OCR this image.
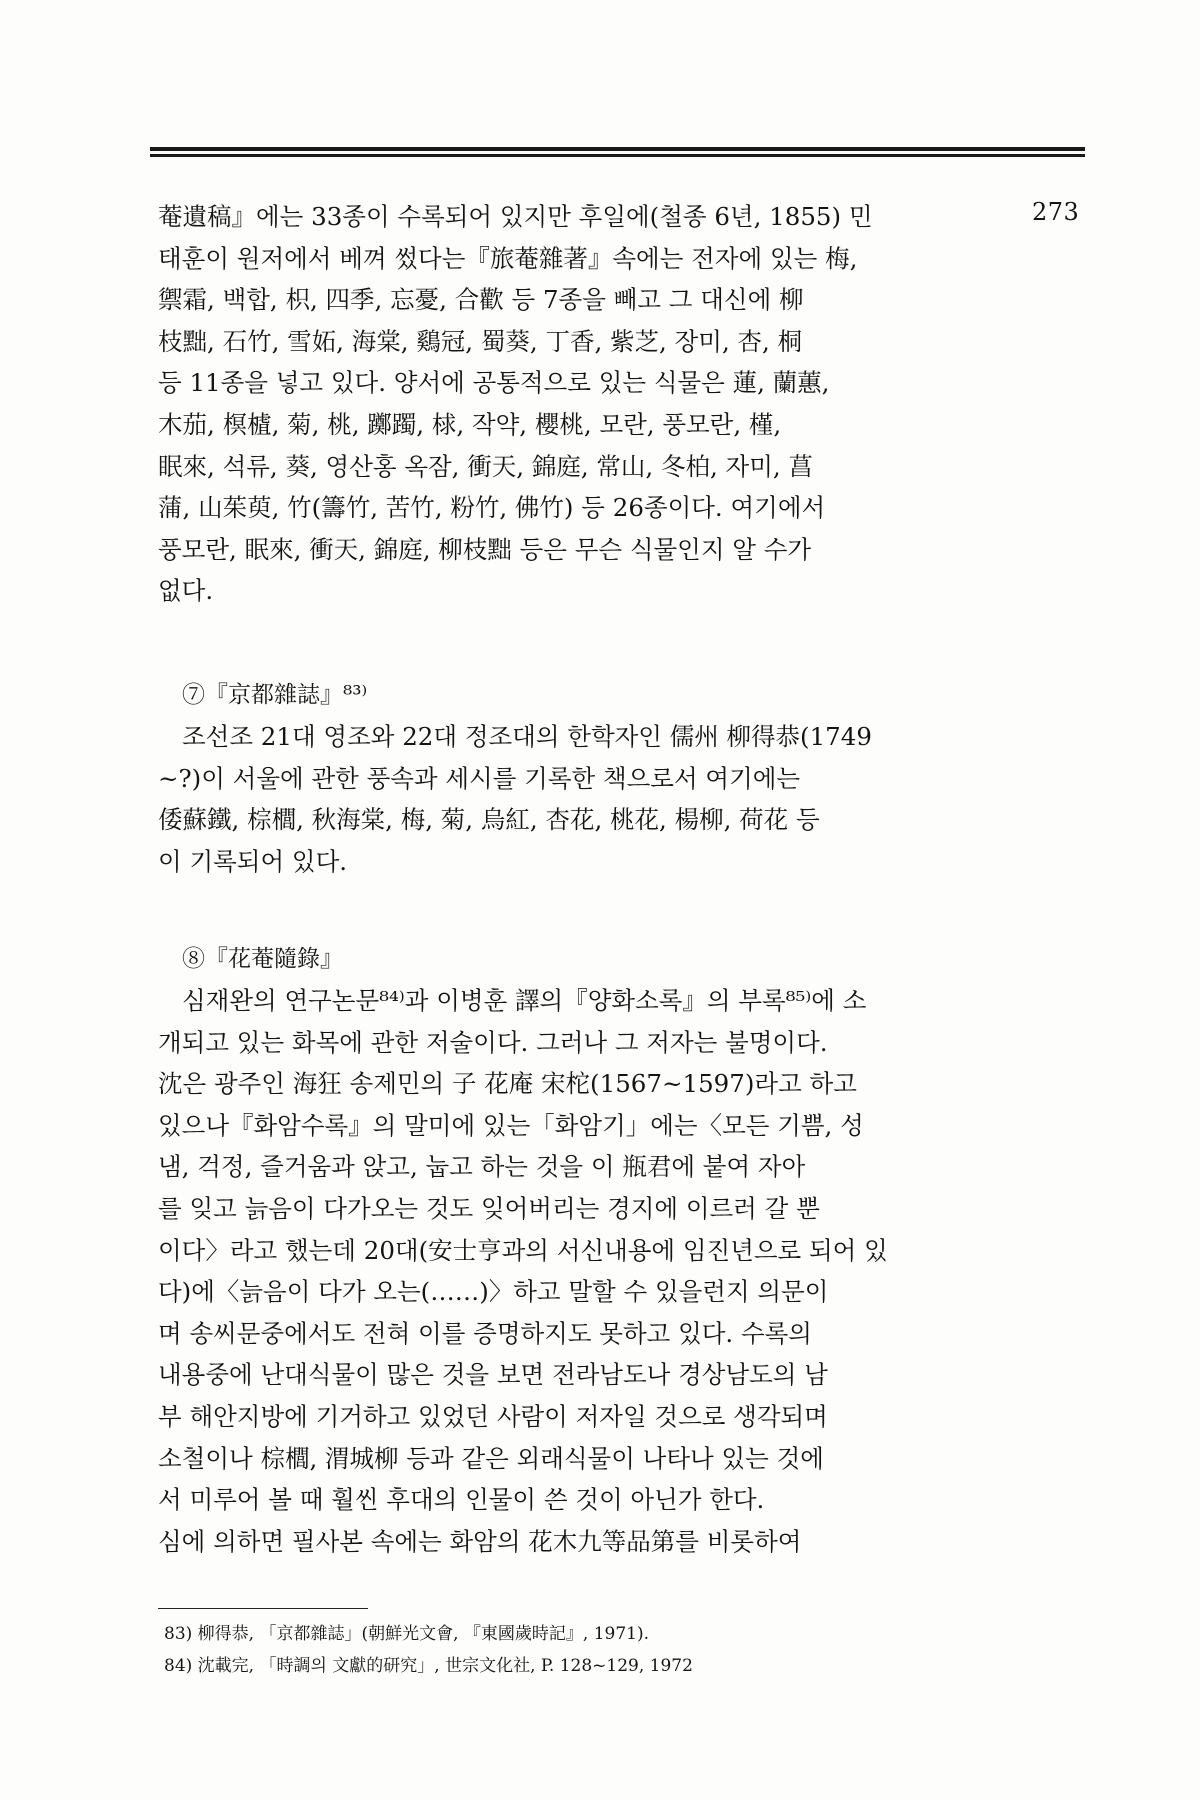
273
菴遺稿』에는 33종이 수록되어 있지만 후일에(철종 6년, 1855) 민
태훈이 원저에서 베껴 썼다는『旅菴雜著』속에는 전자에 있는 梅,
禦霜, 백합, 枳, 四季, 忘憂, 合歡 등 7종을 빼고 그 대신에 柳
枝黜, 石竹, 雪妬, 海棠, 鷄冠, 蜀葵, 丁香, 紫芝, 장미, 杏, 桐
등 11종을 넣고 있다. 양서에 공통적으로 있는 식물은 蓮, 蘭蕙,
木茄, 榠樝, 菊, 桃, 躑躅, 梂, 작약, 櫻桃, 모란, 풍모란, 槿,
眠來, 석류, 葵, 영산홍 옥잠, 衝天, 錦庭, 常山, 冬柏, 자미, 菖
蒲, 山茱萸, 竹(籌竹, 苦竹, 粉竹, 佛竹) 등 26종이다. 여기에서
풍모란, 眠來, 衝天, 錦庭, 柳枝黜 등은 무슨 식물인지 알 수가
없다.
⑦『京都雜誌』⁸³⁾
조선조 21대 영조와 22대 정조대의 한학자인 儒州 柳得恭(1749
~?)이 서울에 관한 풍속과 세시를 기록한 책으로서 여기에는
倭蘇鐵, 棕櫚, 秋海棠, 梅, 菊, 烏紅, 杏花, 桃花, 楊柳, 荷花 등
이 기록되어 있다.
⑧『花菴隨錄』
심재완의 연구논문⁸⁴⁾과 이병훈 譯의『양화소록』의 부록⁸⁵⁾에 소
개되고 있는 화목에 관한 저술이다. 그러나 그 저자는 불명이다.
沈은 광주인 海狂 송제민의 子 花庵 宋柁(1567~1597)라고 하고
있으나『화암수록』의 말미에 있는「화암기」에는〈모든 기쁨, 성
냄, 걱정, 즐거움과 앉고, 눕고 하는 것을 이 瓶君에 붙여 자아
를 잊고 늙음이 다가오는 것도 잊어버리는 경지에 이르러 갈 뿐
이다〉라고 했는데 20대(安士亨과의 서신내용에 임진년으로 되어 있
다)에〈늙음이 다가 오는(……)〉하고 말할 수 있을런지 의문이
며 송씨문중에서도 전혀 이를 증명하지도 못하고 있다. 수록의
내용중에 난대식물이 많은 것을 보면 전라남도나 경상남도의 남
부 해안지방에 기거하고 있었던 사람이 저자일 것으로 생각되며
소철이나 棕櫚, 渭城柳 등과 같은 외래식물이 나타나 있는 것에
서 미루어 볼 때 훨씬 후대의 인물이 쓴 것이 아닌가 한다.
심에 의하면 필사본 속에는 화암의 花木九等品第를 비롯하여
83) 柳得恭, 「京都雜誌」(朝鮮光文會, 『東國歲時記』, 1971).
84) 沈載完, 「時調의 文獻的研究」, 世宗文化社, P. 128~129, 1972
